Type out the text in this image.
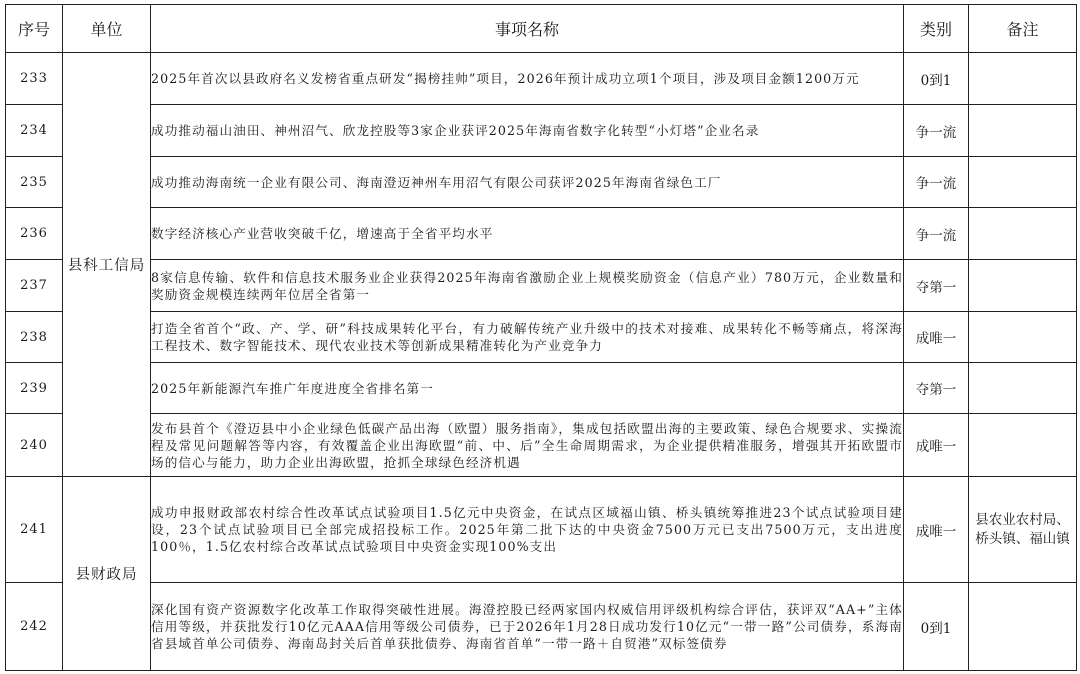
序号	单位	事项名称	类别	备注
233	县科工信局	2025年首次以县政府名义发榜省重点研发“揭榜挂帅”项目，2026年预计成功立项1个项目，涉及项目金额1200万元	0到1	
234		成功推动福山油田、神州沼气、欣龙控股等3家企业获评2025年海南省数字化转型“小灯塔”企业名录	争一流	
235		成功推动海南统一企业有限公司、海南澄迈神州车用沼气有限公司获评2025年海南省绿色工厂	争一流	
236		数字经济核心产业营收突破千亿，增速高于全省平均水平	争一流	
237		8家信息传输、软件和信息技术服务业企业获得2025年海南省激励企业上规模奖励资金（信息产业）780万元，企业数量和奖励资金规模连续两年位居全省第一	夺第一	
238		打造全省首个“政、产、学、研”科技成果转化平台，有力破解传统产业升级中的技术对接难、成果转化不畅等痛点，将深海工程技术、数字智能技术、现代农业技术等创新成果精准转化为产业竞争力	成唯一	
239		2025年新能源汽车推广年度进度全省排名第一	夺第一	
240		发布县首个《澄迈县中小企业绿色低碳产品出海（欧盟）服务指南》，集成包括欧盟出海的主要政策、绿色合规要求、实操流程及常见问题解答等内容，有效覆盖企业出海欧盟“前、中、后”全生命周期需求，为企业提供精准服务，增强其开拓欧盟市场的信心与能力，助力企业出海欧盟，抢抓全球绿色经济机遇	成唯一	
241	县财政局	成功申报财政部农村综合性改革试点试验项目1.5亿元中央资金，在试点区域福山镇、桥头镇统筹推进23个试点试验项目建设，23个试点试验项目已全部完成招投标工作。2025年第二批下达的中央资金7500万元已支出7500万元，支出进度100％，1.5亿农村综合改革试点试验项目中央资金实现100%支出	成唯一	县农业农村局、桥头镇、福山镇
242		深化国有资产资源数字化改革工作取得突破性进展。海澄控股已经两家国内权威信用评级机构综合评估，获评双“AA+”主体信用等级，并获批发行10亿元AAA信用等级公司债券，已于2026年1月28日成功发行10亿元“一带一路”公司债券，系海南省县域首单公司债券、海南岛封关后首单获批债券、海南省首单“一带一路＋自贸港”双标签债券	0到1	
